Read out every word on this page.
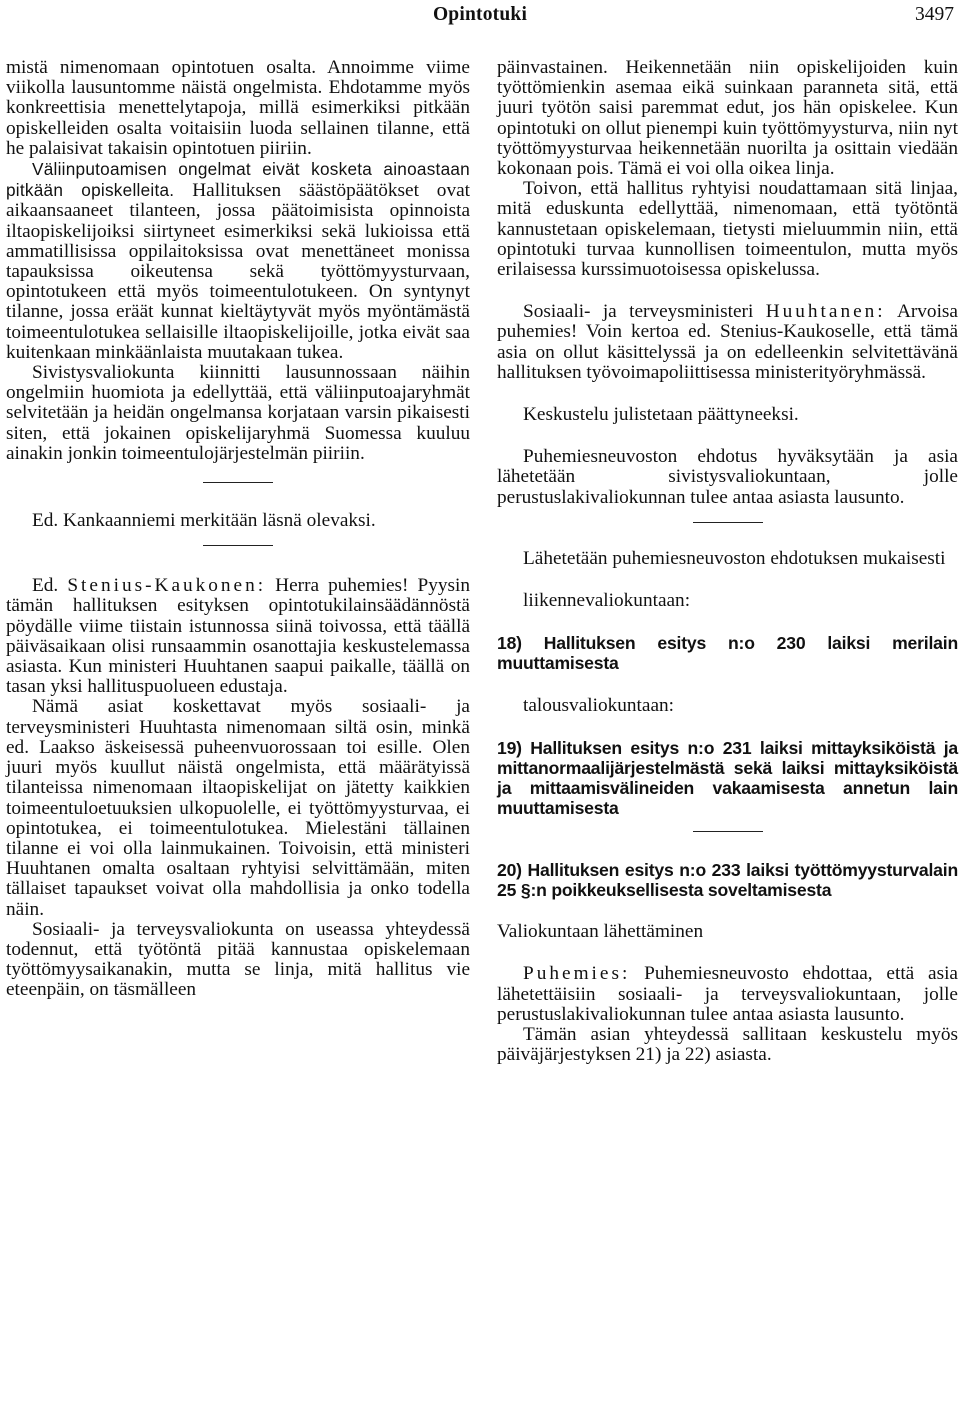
Opintotuki	3497

mistä nimenomaan opintotuen osalta. Annoimme viime viikolla lausuntomme näistä ongelmista. Ehdotamme myös konkreettisia menettelytapoja, millä esimerkiksi pitkään opiskelleiden osalta voitaisiin luoda sellainen tilanne, että he palaisivat takaisin opintotuen piiriin.

Väliinputoamisen ongelmat eivät kosketa ainoastaan pitkään opiskelleita. Hallituksen säästöpäätökset ovat aikaansaaneet tilanteen, jossa päätoimisista opinnoista iltaopiskelijoiksi siirtyneet esimerkiksi sekä lukioissa että ammatillisissa oppilaitoksissa ovat menettäneet monissa tapauksissa oikeutensa sekä työttömyysturvaan, opintotukeen että myös toimeentulotukeen. On syntynyt tilanne, jossa eräät kunnat kieltäytyvät myös myöntämästä toimeentulotukea sellaisille iltaopiskelijoille, jotka eivät saa kuitenkaan minkäänlaista muutakaan tukea.

Sivistysvaliokunta kiinnitti lausunnossaan näihin ongelmiin huomiota ja edellyttää, että väliinputoajaryhmät selvitetään ja heidän ongelmansa korjataan varsin pikaisesti siten, että jokainen opiskelijaryhmä Suomessa kuuluu ainakin jonkin toimeentulojärjestelmän piiriin.

Ed. Kankaanniemi merkitään läsnä olevaksi.

Ed. Stenius-Kaukonen: Herra puhemies! Pyysin tämän hallituksen esityksen opintotukilainsäädännöstä pöydälle viime tiistain istunnossa siinä toivossa, että täällä päiväsaikaan olisi runsaammin osanottajia keskustelemassa asiasta. Kun ministeri Huuhtanen saapui paikalle, täällä on tasan yksi hallituspuolueen edustaja.

Nämä asiat koskettavat myös sosiaali- ja terveysministeri Huuhtasta nimenomaan siltä osin, minkä ed. Laakso äskeisessä puheenvuorossaan toi esille. Olen juuri myös kuullut näistä ongelmista, että määrätyissä tilanteissa nimenomaan iltaopiskelijat on jätetty kaikkien toimeentuloetuuksien ulkopuolelle, ei työttömyysturvaa, ei opintotukea, ei toimeentulotukea. Mielestäni tällainen tilanne ei voi olla lainmukainen. Toivoisin, että ministeri Huuhtanen omalta osaltaan ryhtyisi selvittämään, miten tällaiset tapaukset voivat olla mahdollisia ja onko todella näin.

Sosiaali- ja terveysvaliokunta on useassa yhteydessä todennut, että työtöntä pitää kannustaa opiskelemaan työttömyysaikanakin, mutta se linja, mitä hallitus vie eteenpäin, on täsmälleen

päinvastainen. Heikennetään niin opiskelijoiden kuin työttömienkin asemaa eikä suinkaan paranneta sitä, että juuri työtön saisi paremmat edut, jos hän opiskelee. Kun opintotuki on ollut pienempi kuin työttömyysturva, niin nyt työttömyysturvaa heikennetään nuorilta ja osittain viedään kokonaan pois. Tämä ei voi olla oikea linja.

Toivon, että hallitus ryhtyisi noudattamaan sitä linjaa, mitä eduskunta edellyttää, nimenomaan, että työtöntä kannustetaan opiskelemaan, tietysti mieluummin niin, että opintotuki turvaa kunnollisen toimeentulon, mutta myös erilaisessa kurssimuotoisessa opiskelussa.

Sosiaali- ja terveysministeri Huuhtanen: Arvoisa puhemies! Voin kertoa ed. Stenius-Kaukoselle, että tämä asia on ollut käsittelyssä ja on edelleenkin selvitettävänä hallituksen työvoimapoliittisessa ministerityöryhmässä.

Keskustelu julistetaan päättyneeksi.

Puhemiesneuvoston ehdotus hyväksytään ja asia lähetetään sivistysvaliokuntaan, jolle perustuslakivaliokunnan tulee antaa asiasta lausunto.

Lähetetään puhemiesneuvoston ehdotuksen mukaisesti

liikennevaliokuntaan:

18) Hallituksen esitys n:o 230 laiksi merilain muuttamisesta

talousvaliokuntaan:

19) Hallituksen esitys n:o 231 laiksi mittayksiköistä ja mittanormaalijärjestelmästä sekä laiksi mittayksiköistä ja mittaamisvälineiden vakaamisesta annetun lain muuttamisesta

20) Hallituksen esitys n:o 233 laiksi työttömyysturvalain 25 §:n poikkeuksellisesta soveltamisesta

Valiokuntaan lähettäminen

Puhemies: Puhemiesneuvosto ehdottaa, että asia lähetettäisiin sosiaali- ja terveysvaliokuntaan, jolle perustuslakivaliokunnan tulee antaa asiasta lausunto.

Tämän asian yhteydessä sallitaan keskustelu myös päiväjärjestyksen 21) ja 22) asiasta.
